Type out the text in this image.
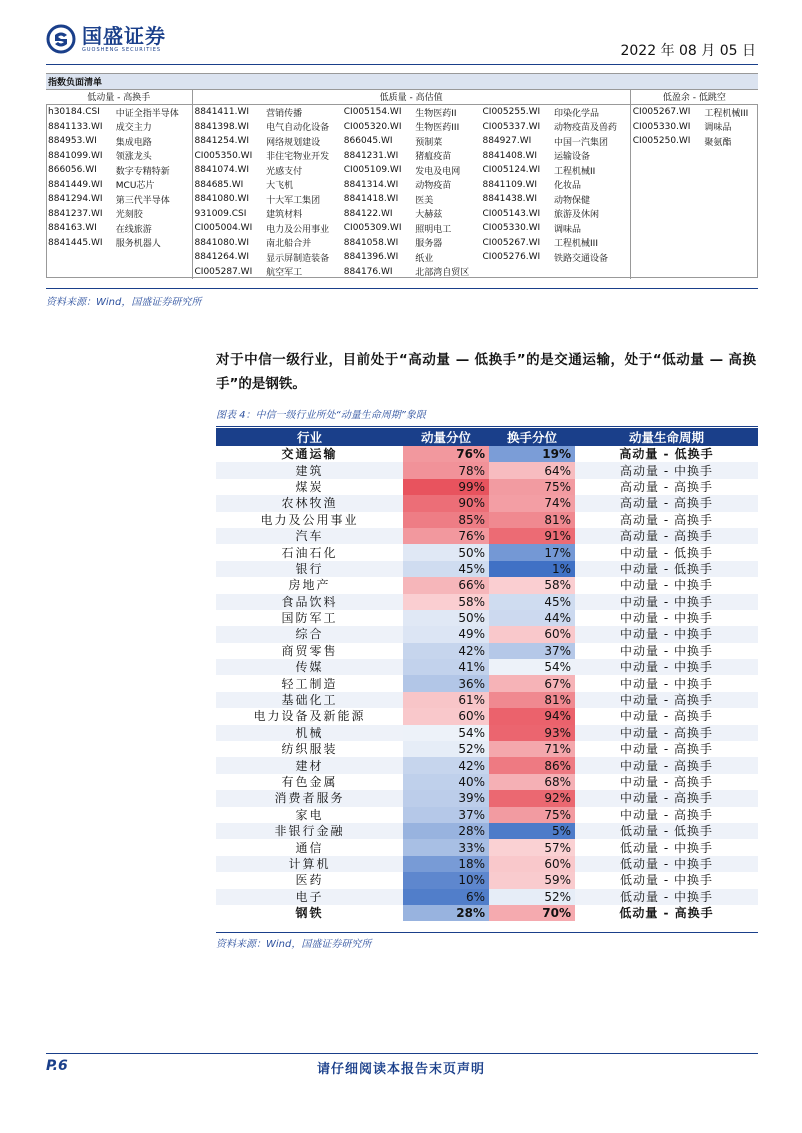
国盛证券
GUOSHENG SECURITIES	2022 年 08 月 05 日
指数负面清单									
低动量 - 高换手		低质量 - 高估值						低盈余 - 低跳空	
h30184.CSI	中证全指半导体	8841411.WI	营销传播	CI005154.WI	生物医药II	CI005255.WI	印染化学品	CI005267.WI	工程机械III
8841133.WI	成交主力	8841398.WI	电气自动化设备	CI005320.WI	生物医药III	CI005337.WI	动物疫苗及兽药	CI005330.WI	调味品
884953.WI	集成电路	8841254.WI	网络规划建设	866045.WI	预制菜	884927.WI	中国一汽集团	CI005250.WI	聚氨酯
8841099.WI	领涨龙头	CI005350.WI	非住宅物业开发	8841231.WI	猪瘟疫苗	8841408.WI	运输设备		
866056.WI	数字专精特新	8841074.WI	光感支付	CI005109.WI	发电及电网	CI005124.WI	工程机械II		
8841449.WI	MCU芯片	884685.WI	大飞机	8841314.WI	动物疫苗	8841109.WI	化妆品		
8841294.WI	第三代半导体	8841080.WI	十大军工集团	8841418.WI	医美	8841438.WI	动物保健		
8841237.WI	光刻胶	931009.CSI	建筑材料	884122.WI	大赫兹	CI005143.WI	旅游及休闲		
884163.WI	在线旅游	CI005004.WI	电力及公用事业	CI005309.WI	照明电工	CI005330.WI	调味品		
8841445.WI	服务机器人	8841080.WI	南北船合并	8841058.WI	服务器	CI005267.WI	工程机械III		
		8841264.WI	显示屏制造装备	8841396.WI	纸业	CI005276.WI	铁路交通设备		
		CI005287.WI	航空军工	884176.WI	北部湾自贸区				
资料来源：Wind，国盛证券研究所
对于中信一级行业，目前处于“高动量 — 低换手”的是交通运输，处于“低动量 — 高换手”的是钢铁。
图表 4：中信一级行业所处“动量生命周期”象限
行业	动量分位	换手分位	动量生命周期
交通运输	76%	19%	高动量 - 低换手
建筑	78%	64%	高动量 - 中换手
煤炭	99%	75%	高动量 - 高换手
农林牧渔	90%	74%	高动量 - 高换手
电力及公用事业	85%	81%	高动量 - 高换手
汽车	76%	91%	高动量 - 高换手
石油石化	50%	17%	中动量 - 低换手
银行	45%	1%	中动量 - 低换手
房地产	66%	58%	中动量 - 中换手
食品饮料	58%	45%	中动量 - 中换手
国防军工	50%	44%	中动量 - 中换手
综合	49%	60%	中动量 - 中换手
商贸零售	42%	37%	中动量 - 中换手
传媒	41%	54%	中动量 - 中换手
轻工制造	36%	67%	中动量 - 中换手
基础化工	61%	81%	中动量 - 高换手
电力设备及新能源	60%	94%	中动量 - 高换手
机械	54%	93%	中动量 - 高换手
纺织服装	52%	71%	中动量 - 高换手
建材	42%	86%	中动量 - 高换手
有色金属	40%	68%	中动量 - 高换手
消费者服务	39%	92%	中动量 - 高换手
家电	37%	75%	中动量 - 高换手
非银行金融	28%	5%	低动量 - 低换手
通信	33%	57%	低动量 - 中换手
计算机	18%	60%	低动量 - 中换手
医药	10%	59%	低动量 - 中换手
电子	6%	52%	低动量 - 中换手
钢铁	28%	70%	低动量 - 高换手
资料来源：Wind，国盛证券研究所
P.6	请仔细阅读本报告末页声明
